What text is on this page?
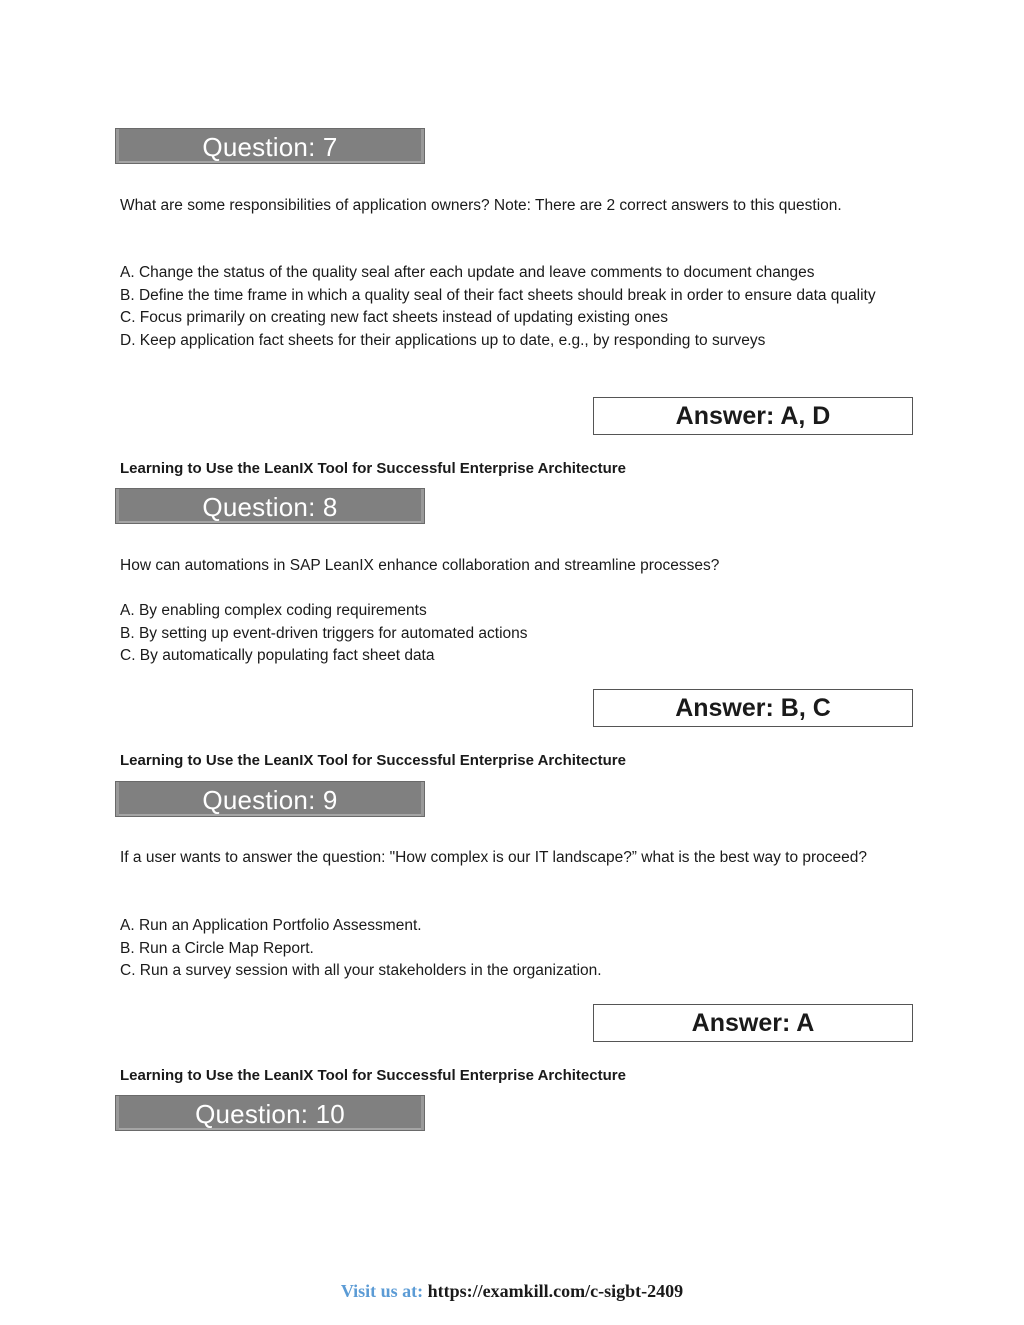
Question: 7

What are some responsibilities of application owners? Note: There are 2 correct answers to this question.

A. Change the status of the quality seal after each update and leave comments to document changes
B. Define the time frame in which a quality seal of their fact sheets should break in order to ensure data quality
C. Focus primarily on creating new fact sheets instead of updating existing ones
D. Keep application fact sheets for their applications up to date, e.g., by responding to surveys
Answer: A, D
Learning to Use the LeanIX Tool for Successful Enterprise Architecture
Question: 8

How can automations in SAP LeanIX enhance collaboration and streamline processes?

A. By enabling complex coding requirements
B. By setting up event-driven triggers for automated actions
C. By automatically populating fact sheet data
Answer: B, C
Learning to Use the LeanIX Tool for Successful Enterprise Architecture
Question: 9

If a user wants to answer the question: "How complex is our IT landscape?” what is the best way to proceed?

A. Run an Application Portfolio Assessment.
B. Run a Circle Map Report.
C. Run a survey session with all your stakeholders in the organization.
Answer: A
Learning to Use the LeanIX Tool for Successful Enterprise Architecture
Question: 10
Visit us at: https://examkill.com/c-sigbt-2409
